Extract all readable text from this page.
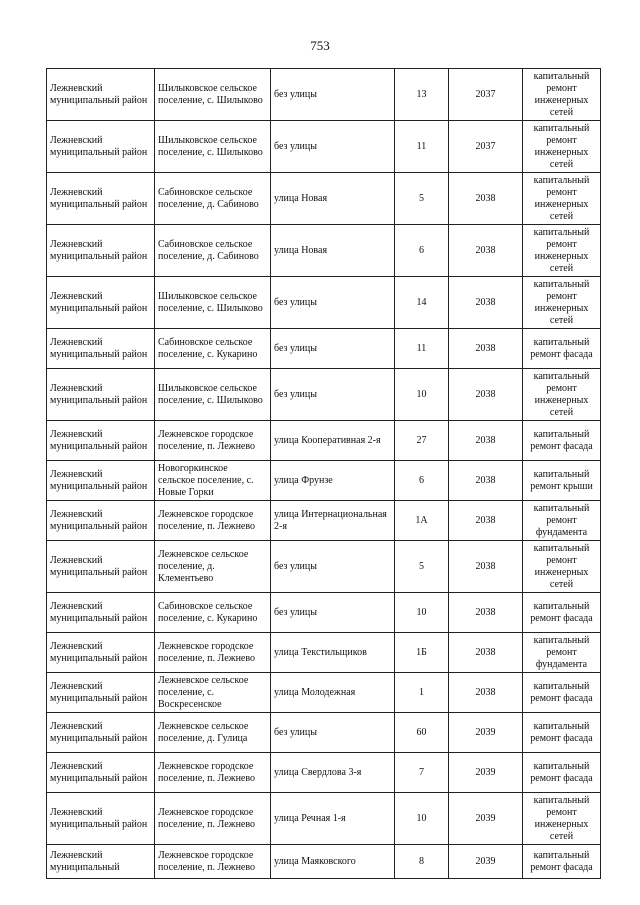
753
Лежневский муниципальный район	Шилыковское сельское поселение, с. Шилыково	без улицы	13	2037	капитальный ремонт инженерных сетей
Лежневский муниципальный район	Шилыковское сельское поселение, с. Шилыково	без улицы	11	2037	капитальный ремонт инженерных сетей
Лежневский муниципальный район	Сабиновское сельское поселение, д. Сабиново	улица Новая	5	2038	капитальный ремонт инженерных сетей
Лежневский муниципальный район	Сабиновское сельское поселение, д. Сабиново	улица Новая	6	2038	капитальный ремонт инженерных сетей
Лежневский муниципальный район	Шилыковское сельское поселение, с. Шилыково	без улицы	14	2038	капитальный ремонт инженерных сетей
Лежневский муниципальный район	Сабиновское сельское поселение, с. Кукарино	без улицы	11	2038	капитальный ремонт фасада
Лежневский муниципальный район	Шилыковское сельское поселение, с. Шилыково	без улицы	10	2038	капитальный ремонт инженерных сетей
Лежневский муниципальный район	Лежневское городское поселение, п. Лежнево	улица Кооперативная 2-я	27	2038	капитальный ремонт фасада
Лежневский муниципальный район	Новогоркинское сельское поселение, с. Новые Горки	улица Фрунзе	6	2038	капитальный ремонт крыши
Лежневский муниципальный район	Лежневское городское поселение, п. Лежнево	улица Интернациональная 2-я	1А	2038	капитальный ремонт фундамента
Лежневский муниципальный район	Лежневское сельское поселение, д. Клементьево	без улицы	5	2038	капитальный ремонт инженерных сетей
Лежневский муниципальный район	Сабиновское сельское поселение, с. Кукарино	без улицы	10	2038	капитальный ремонт фасада
Лежневский муниципальный район	Лежневское городское поселение, п. Лежнево	улица Текстильщиков	1Б	2038	капитальный ремонт фундамента
Лежневский муниципальный район	Лежневское сельское поселение, с. Воскресенское	улица Молодежная	1	2038	капитальный ремонт фасада
Лежневский муниципальный район	Лежневское сельское поселение, д. Гулица	без улицы	60	2039	капитальный ремонт фасада
Лежневский муниципальный район	Лежневское городское поселение, п. Лежнево	улица Свердлова 3-я	7	2039	капитальный ремонт фасада
Лежневский муниципальный район	Лежневское городское поселение, п. Лежнево	улица Речная 1-я	10	2039	капитальный ремонт инженерных сетей
Лежневский муниципальный	Лежневское городское поселение, п. Лежнево	улица Маяковского	8	2039	капитальный ремонт фасада
